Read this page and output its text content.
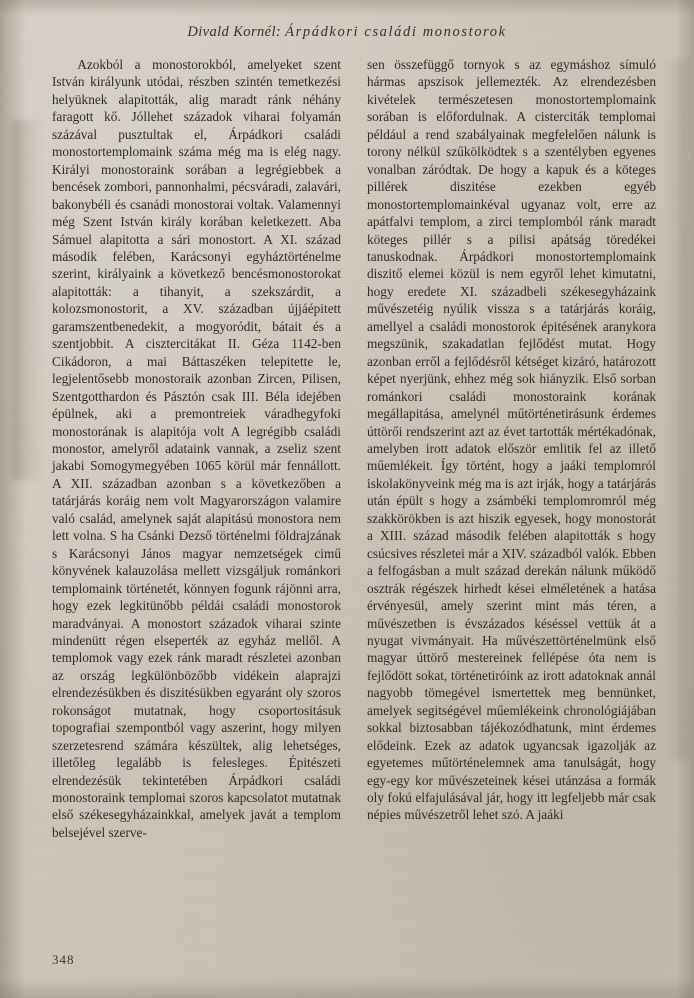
Divald Kornél: Árpádkori családi monostorok

Azokból a monostorokból, amelyeket szent István királyunk utódai, részben szintén temetkezési helyüknek alapitották, alig maradt ránk néhány faragott kő. Jóllehet századok viharai folyamán százával pusztultak el, Árpádkori családi monostortemplomaink száma még ma is elég nagy. Királyi monostoraink sorában a legrégiebbek a bencések zombori, pannonhalmi, pécsváradi, zalavári, bakonybéli és csanádi monostorai voltak. Valamennyi még Szent István király korában keletkezett. Aba Sámuel alapitotta a sári monostort. A XI. század második felében, Karácsonyi egyháztörténelme szerint, királyaink a következő bencésmonostorokat alapitották: a tihanyit, a szekszárdit, a kolozsmonostorit, a XV. században újjáépitett garamszentbenedekit, a mogyoródit, bátait és a szentjobbit. A cisztercitákat II. Géza 1142-ben Cikádoron, a mai Báttaszéken telepitette le, legjelentősebb monostoraik azonban Zircen, Pilisen, Szentgotthardon és Pásztón csak III. Béla idejében épülnek, aki a premontreiek váradhegyfoki monostorának is alapitója volt A legrégibb családi monostor, amelyről adataink vannak, a zseliz szent jakabi Somogymegyében 1065 körül már fennállott. A XII. században azonban s a következőben a tatárjárás koráig nem volt Magyarországon valamire való család, amelynek saját alapitású monostora nem lett volna. S ha Csánki Dezső történelmi földrajzának s Karácsonyi János magyar nemzetségek cimű könyvének kalauzolása mellett vizsgáljuk románkori templomaink történetét, könnyen fogunk rájönni arra, hogy ezek legkitünőbb példái családi monostorok maradványai. A monostort századok viharai szinte mindenütt régen elseperték az egyház mellől. A templomok vagy ezek ránk maradt részletei azonban az ország legkülönbözőbb vidékein alaprajzi elrendezésükben és diszitésükben egyaránt oly szoros rokonságot mutatnak, hogy csoportositásuk topografiai szempontból vagy aszerint, hogy milyen szerzetesrend számára készültek, alig lehetséges, illetőleg legalább is felesleges. Épitészeti elrendezésük tekintetében Árpádkori családi monostoraink templomai szoros kapcsolatot mutatnak első székesegyházainkkal, amelyek javát a templom belsejével szerve-

sen összefüggő tornyok s az egymáshoz símuló hármas apszisok jellemezték. Az elrendezésben kivételek természetesen monostortemplomaink sorában is előfordulnak. A cisterciták templomai például a rend szabályainak megfelelően nálunk is torony nélkül szűkölködtek s a szentélyben egyenes vonalban záródtak. De hogy a kapuk és a köteges pillérek diszitése ezekben egyéb monostortemplomainkéval ugyanaz volt, erre az apátfalvi templom, a zirci templomból ránk maradt köteges pillér s a pilisi apátság töredékei tanuskodnak. Árpádkori monostortemplomaink diszitő elemei közül is nem egyről lehet kimutatni, hogy eredete XI. századbeli székesegyházaink művészetéig nyúlik vissza s a tatárjárás koráig, amellyel a családi monostorok épitésének aranykora megszünik, szakadatlan fejlődést mutat. Hogy azonban erről a fejlődésről kétséget kizáró, határozott képet nyerjünk, ehhez még sok hiányzik. Első sorban románkori családi monostoraink korának megállapitása, amelynél műtörténetirásunk érdemes úttörői rendszerint azt az évet tartották mértékadónak, amelyben irott adatok először emlitik fel az illető műemlékeit. Így történt, hogy a jaáki templomról iskolakönyveink még ma is azt irják, hogy a tatárjárás után épült s hogy a zsámbéki templomromról még szakkörökben is azt hiszik egyesek, hogy monostorát a XIII. század második felében alapitották s hogy csúcsives részletei már a XIV. századból valók. Ebben a felfogásban a mult század derekán nálunk működő osztrák régészek hirhedt kései elméletének a hatása érvényesül, amely szerint mint más téren, a művészetben is évszázados késéssel vettük át a nyugat vivmányait. Ha művészettörténelmünk első magyar úttörő mestereinek fellépése óta nem is fejlődött sokat, történetiróink az irott adatoknak annál nagyobb tömegével ismertettek meg bennünket, amelyek segitségével műemlékeink chronológiájában sokkal biztosabban tájékozódhatunk, mint érdemes elődeink. Ezek az adatok ugyancsak igazolják az egyetemes műtörténelemnek ama tanulságát, hogy egy-egy kor művészeteinek kései utánzása a formák oly fokú elfajulásával jár, hogy itt legfeljebb már csak népies művészetről lehet szó. A jaáki

348
